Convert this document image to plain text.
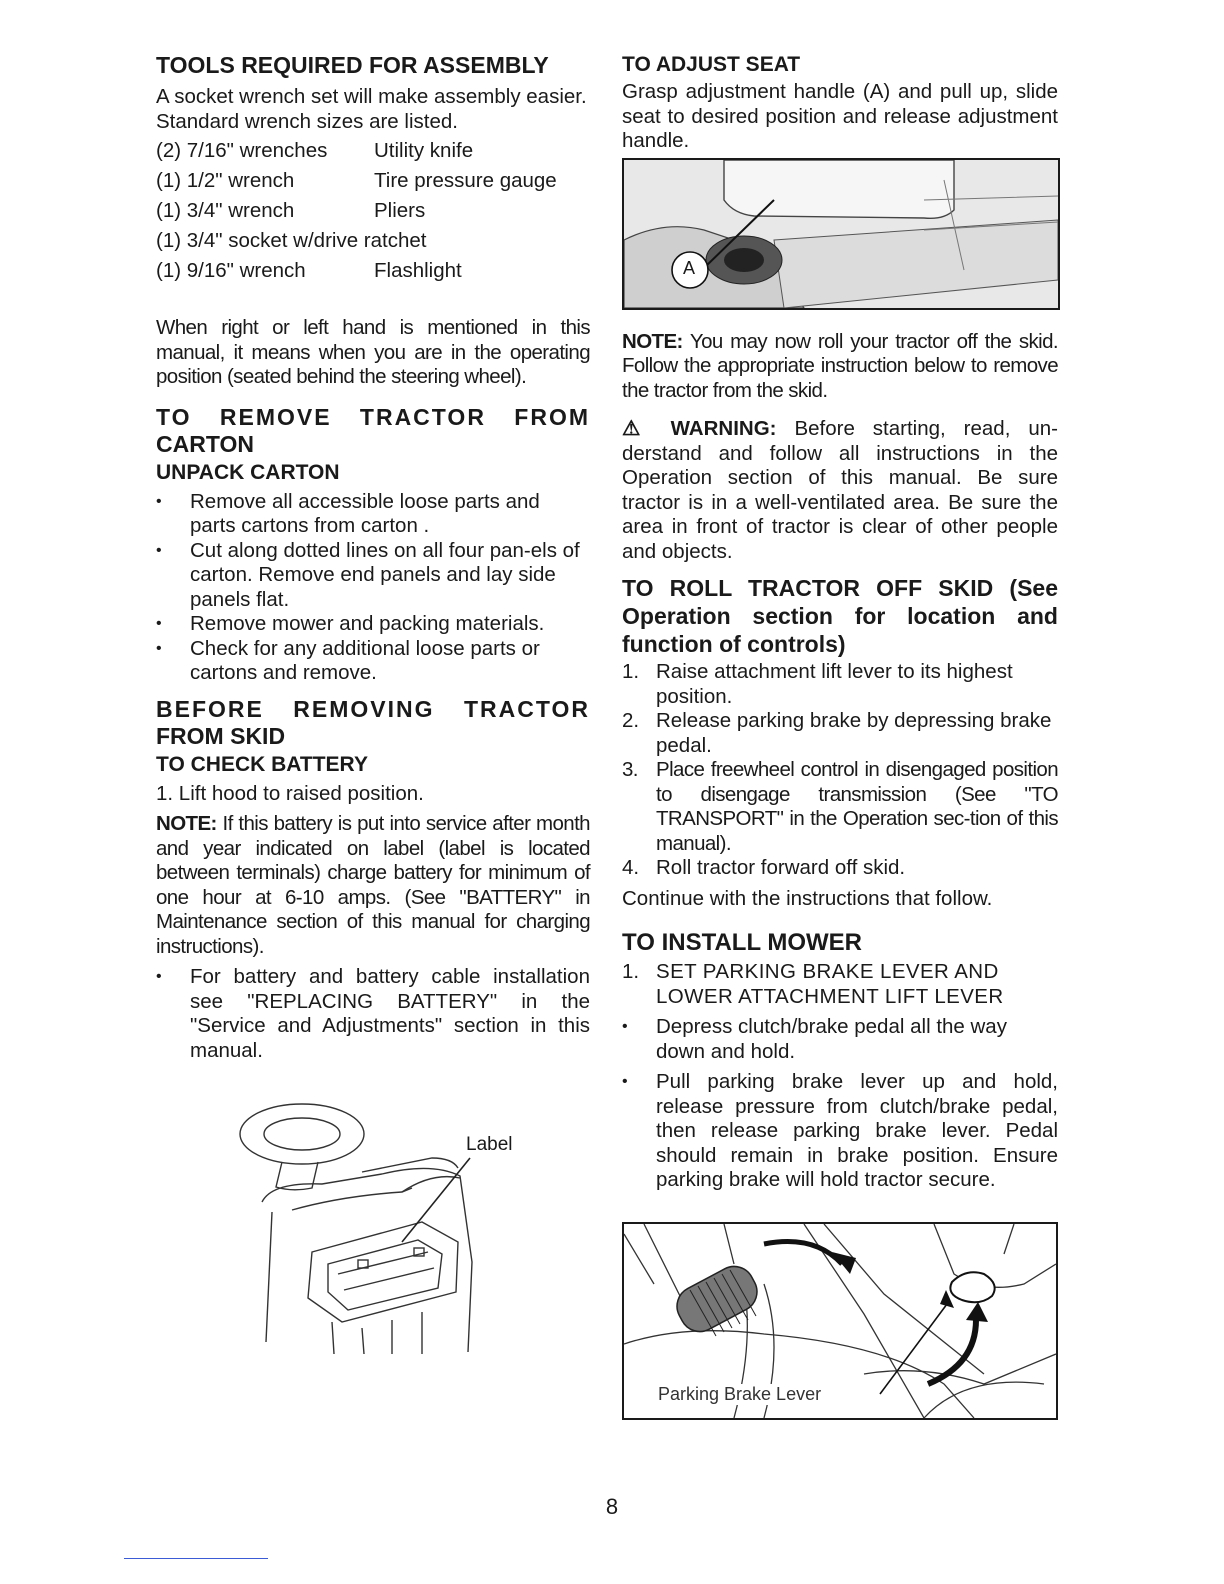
TOOLS REQUIRED FOR ASSEMBLY

A socket wrench set will make assembly easier. Standard wrench sizes are listed.

(2) 7/16" wrenches	Utility knife
(1) 1/2" wrench	Tire pressure gauge
(1) 3/4" wrench	Pliers
(1) 3/4" socket w/drive ratchet
(1) 9/16" wrench	Flashlight

When right or left hand is mentioned in this manual, it means when you are in the operating position (seated behind the steering wheel).

TO REMOVE TRACTOR FROM
CARTON
UNPACK CARTON
• Remove all accessible loose parts and parts cartons from carton .
• Cut along dotted lines on all four pan-els of carton. Remove end panels and lay side panels flat.
• Remove mower and packing materials.
• Check for any additional loose parts or cartons and remove.
BEFORE REMOVING TRACTOR
FROM SKID
TO CHECK BATTERY

1. Lift hood to raised position.

NOTE: If this battery is put into service after month and year indicated on label (label is located between terminals) charge battery for minimum of one hour at 6-10 amps. (See "BATTERY" in Maintenance section of this manual for charging instructions).

• For battery and battery cable installation see "REPLACING BATTERY" in the "Service and Adjustments" section in this manual.
Label
TO ADJUST SEAT

Grasp adjustment handle (A) and pull up, slide seat to desired position and release adjustment handle.

A

NOTE: You may now roll your tractor off the skid. Follow the appropriate instruction below to remove the tractor from the skid.

⚠ WARNING: Before starting, read, un-derstand and follow all instructions in the Operation section of this manual. Be sure tractor is in a well-ventilated area. Be sure the area in front of tractor is clear of other people and objects.

TO ROLL TRACTOR OFF SKID (See Operation section for location and function of controls)
1. Raise attachment lift lever to its highest position.
2. Release parking brake by depressing brake pedal.
3. Place freewheel control in disengaged position to disengage transmission (See "TO TRANSPORT" in the Operation sec-tion of this manual).
4. Roll tractor forward off skid.

Continue with the instructions that follow.

TO INSTALL MOWER
1. SET PARKING BRAKE LEVER AND LOWER ATTACHMENT LIFT LEVER
• Depress clutch/brake pedal all the way down and hold.
• Pull parking brake lever up and hold, release pressure from clutch/brake pedal, then release parking brake lever. Pedal should remain in brake position. Ensure parking brake will hold tractor secure.
Parking Brake Lever
8
